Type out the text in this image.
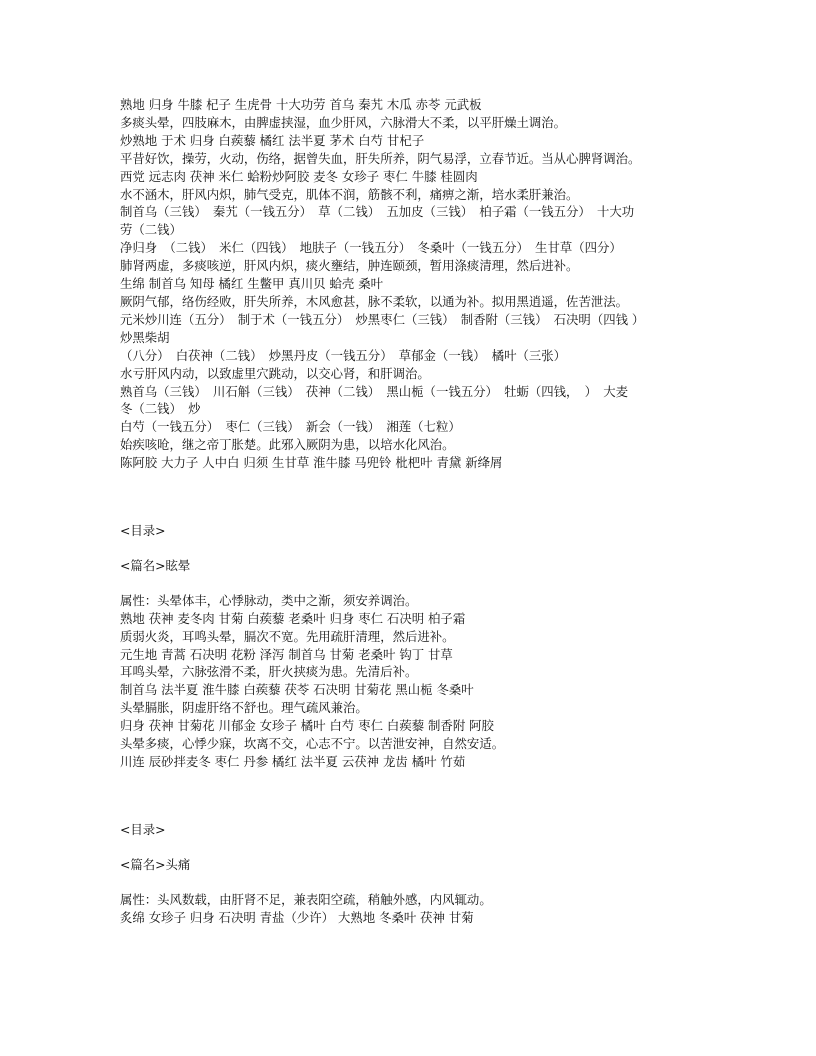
熟地 归身 牛膝 杞子 生虎骨 十大功劳 首乌 秦艽 木瓜 赤苓 元武板

多痰头晕，四肢麻木，由脾虚挟湿，血少肝风，六脉滑大不柔，以平肝燥土调治。

炒熟地 于术 归身 白蒺藜 橘红 法半夏 茅术 白芍 甘杞子

平昔好饮，操劳，火动，伤络，据曾失血，肝失所养，阴气易浮，立春节近。当从心脾肾调治。

西党 远志肉 茯神 米仁 蛤粉炒阿胶 麦冬 女珍子 枣仁 牛膝 桂圆肉

水不涵木，肝风内炽，肺气受克，肌体不润，筋骸不利，痛痹之渐，培水柔肝兼治。

制首乌（三钱）　秦艽（一钱五分）　草（二钱）　五加皮（三钱）　柏子霜（一钱五分）　十大功

劳（二钱）

净归身　（二钱）　米仁（四钱）　地肤子（一钱五分）　冬桑叶（一钱五分）　生甘草（四分）

肺肾两虚，多痰咳逆，肝风内炽，痰火壅结，肿连颐颈，暂用涤痰清理，然后进补。

生绵 制首乌 知母 橘红 生鳖甲 真川贝 蛤壳 桑叶

厥阴气郁，络伤经败，肝失所养，木风愈甚，脉不柔软，以通为补。拟用黑逍遥，佐苦泄法。

元米炒川连（五分）　制于术（一钱五分）　炒黑枣仁（三钱）　制香附（三钱）　石决明（四钱 ）

炒黑柴胡

（八分）　白茯神（二钱）　炒黑丹皮（一钱五分）　草郁金（一钱）　橘叶（三张）

水亏肝风内动，以致虚里穴跳动，以交心肾，和肝调治。

熟首乌（三钱）　川石斛（三钱）　茯神（二钱）　黑山栀（一钱五分）　牡蛎（四钱，　）　大麦

冬（二钱）　炒

白芍（一钱五分）　枣仁（三钱）　新会（一钱）　湘莲（七粒）

始疾咳呛，继之帝丁胀楚。此邪入厥阴为患，以培水化风治。

陈阿胶 大力子 人中白 归须 生甘草 淮牛膝 马兜铃 枇杷叶 青黛 新绛屑

<目录>

<篇名>眩晕

属性：头晕体丰，心悸脉动，类中之渐，须安养调治。

熟地 茯神 麦冬肉 甘菊 白蒺藜 老桑叶 归身 枣仁 石决明 柏子霜

质弱火炎，耳鸣头晕，膈次不宽。先用疏肝清理，然后进补。

元生地 青蒿 石决明 花粉 泽泻 制首乌 甘菊 老桑叶 钩丁 甘草

耳鸣头晕，六脉弦滑不柔，肝火挟痰为患。先清后补。

制首乌 法半夏 淮牛膝 白蒺藜 茯苓 石决明 甘菊花 黑山栀 冬桑叶

头晕膈胀，阴虚肝络不舒也。理气疏风兼治。

归身 茯神 甘菊花 川郁金 女珍子 橘叶 白芍 枣仁 白蒺藜 制香附 阿胶

头晕多痰，心悸少寐，坎离不交，心志不宁。以苦泄安神，自然安适。

川连 辰砂拌麦冬 枣仁 丹参 橘红 法半夏 云茯神 龙齿 橘叶 竹茹

<目录>

<篇名>头痛

属性：头风数载，由肝肾不足，兼表阳空疏，稍触外感，内风辄动。

炙绵 女珍子 归身 石决明 青盐（少许） 大熟地 冬桑叶 茯神 甘菊
